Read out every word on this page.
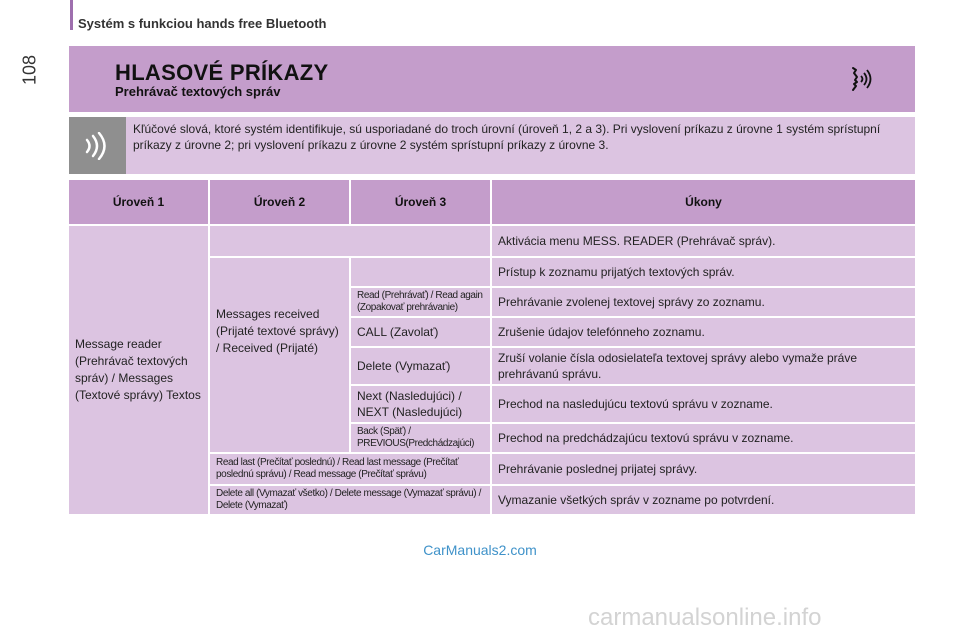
108
Systém s funkciou hands free Bluetooth
HLASOVÉ PRÍKAZY
Prehrávač textových správ
Kľúčové slová, ktoré systém identifikuje, sú usporiadané do troch úrovní (úroveň 1, 2 a 3). Pri vyslovení príkazu z úrovne 1 systém sprístupní príkazy z úrovne 2; pri vyslovení príkazu z úrovne 2 systém sprístupní príkazy z úrovne 3.
Úroveň 1	Úroveň 2	Úroveň 3	Úkony
Message reader (Prehrávač textových správ) / Messages (Textové správy) Textos			Aktivácia menu MESS. READER (Prehrávač správ).
	Messages received (Prijaté textové správy) / Received (Prijaté)		Prístup k zoznamu prijatých textových správ.
		Read (Prehrávať) / Read again (Zopakovať prehrávanie)	Prehrávanie zvolenej textovej správy zo zoznamu.
		CALL (Zavolať)	Zrušenie údajov telefónneho zoznamu.
		Delete (Vymazať)	Zruší volanie čísla odosielateľa textovej správy alebo vymaže práve prehrávanú správu.
		Next (Nasledujúci) / NEXT (Nasledujúci)	Prechod na nasledujúcu textovú správu v zozname.
		Back (Späť) / PREVIOUS(Predchádzajúci)	Prechod na predchádzajúcu textovú správu v zozname.
	Read last (Prečítať poslednú) / Read last message (Prečítať poslednú správu) / Read message (Prečítať správu)		Prehrávanie poslednej prijatej správy.
	Delete all (Vymazať všetko) / Delete message (Vymazať správu) / Delete (Vymazať)		Vymazanie všetkých správ v zozname po potvrdení.
CarManuals2.com
carmanualsonline.info
